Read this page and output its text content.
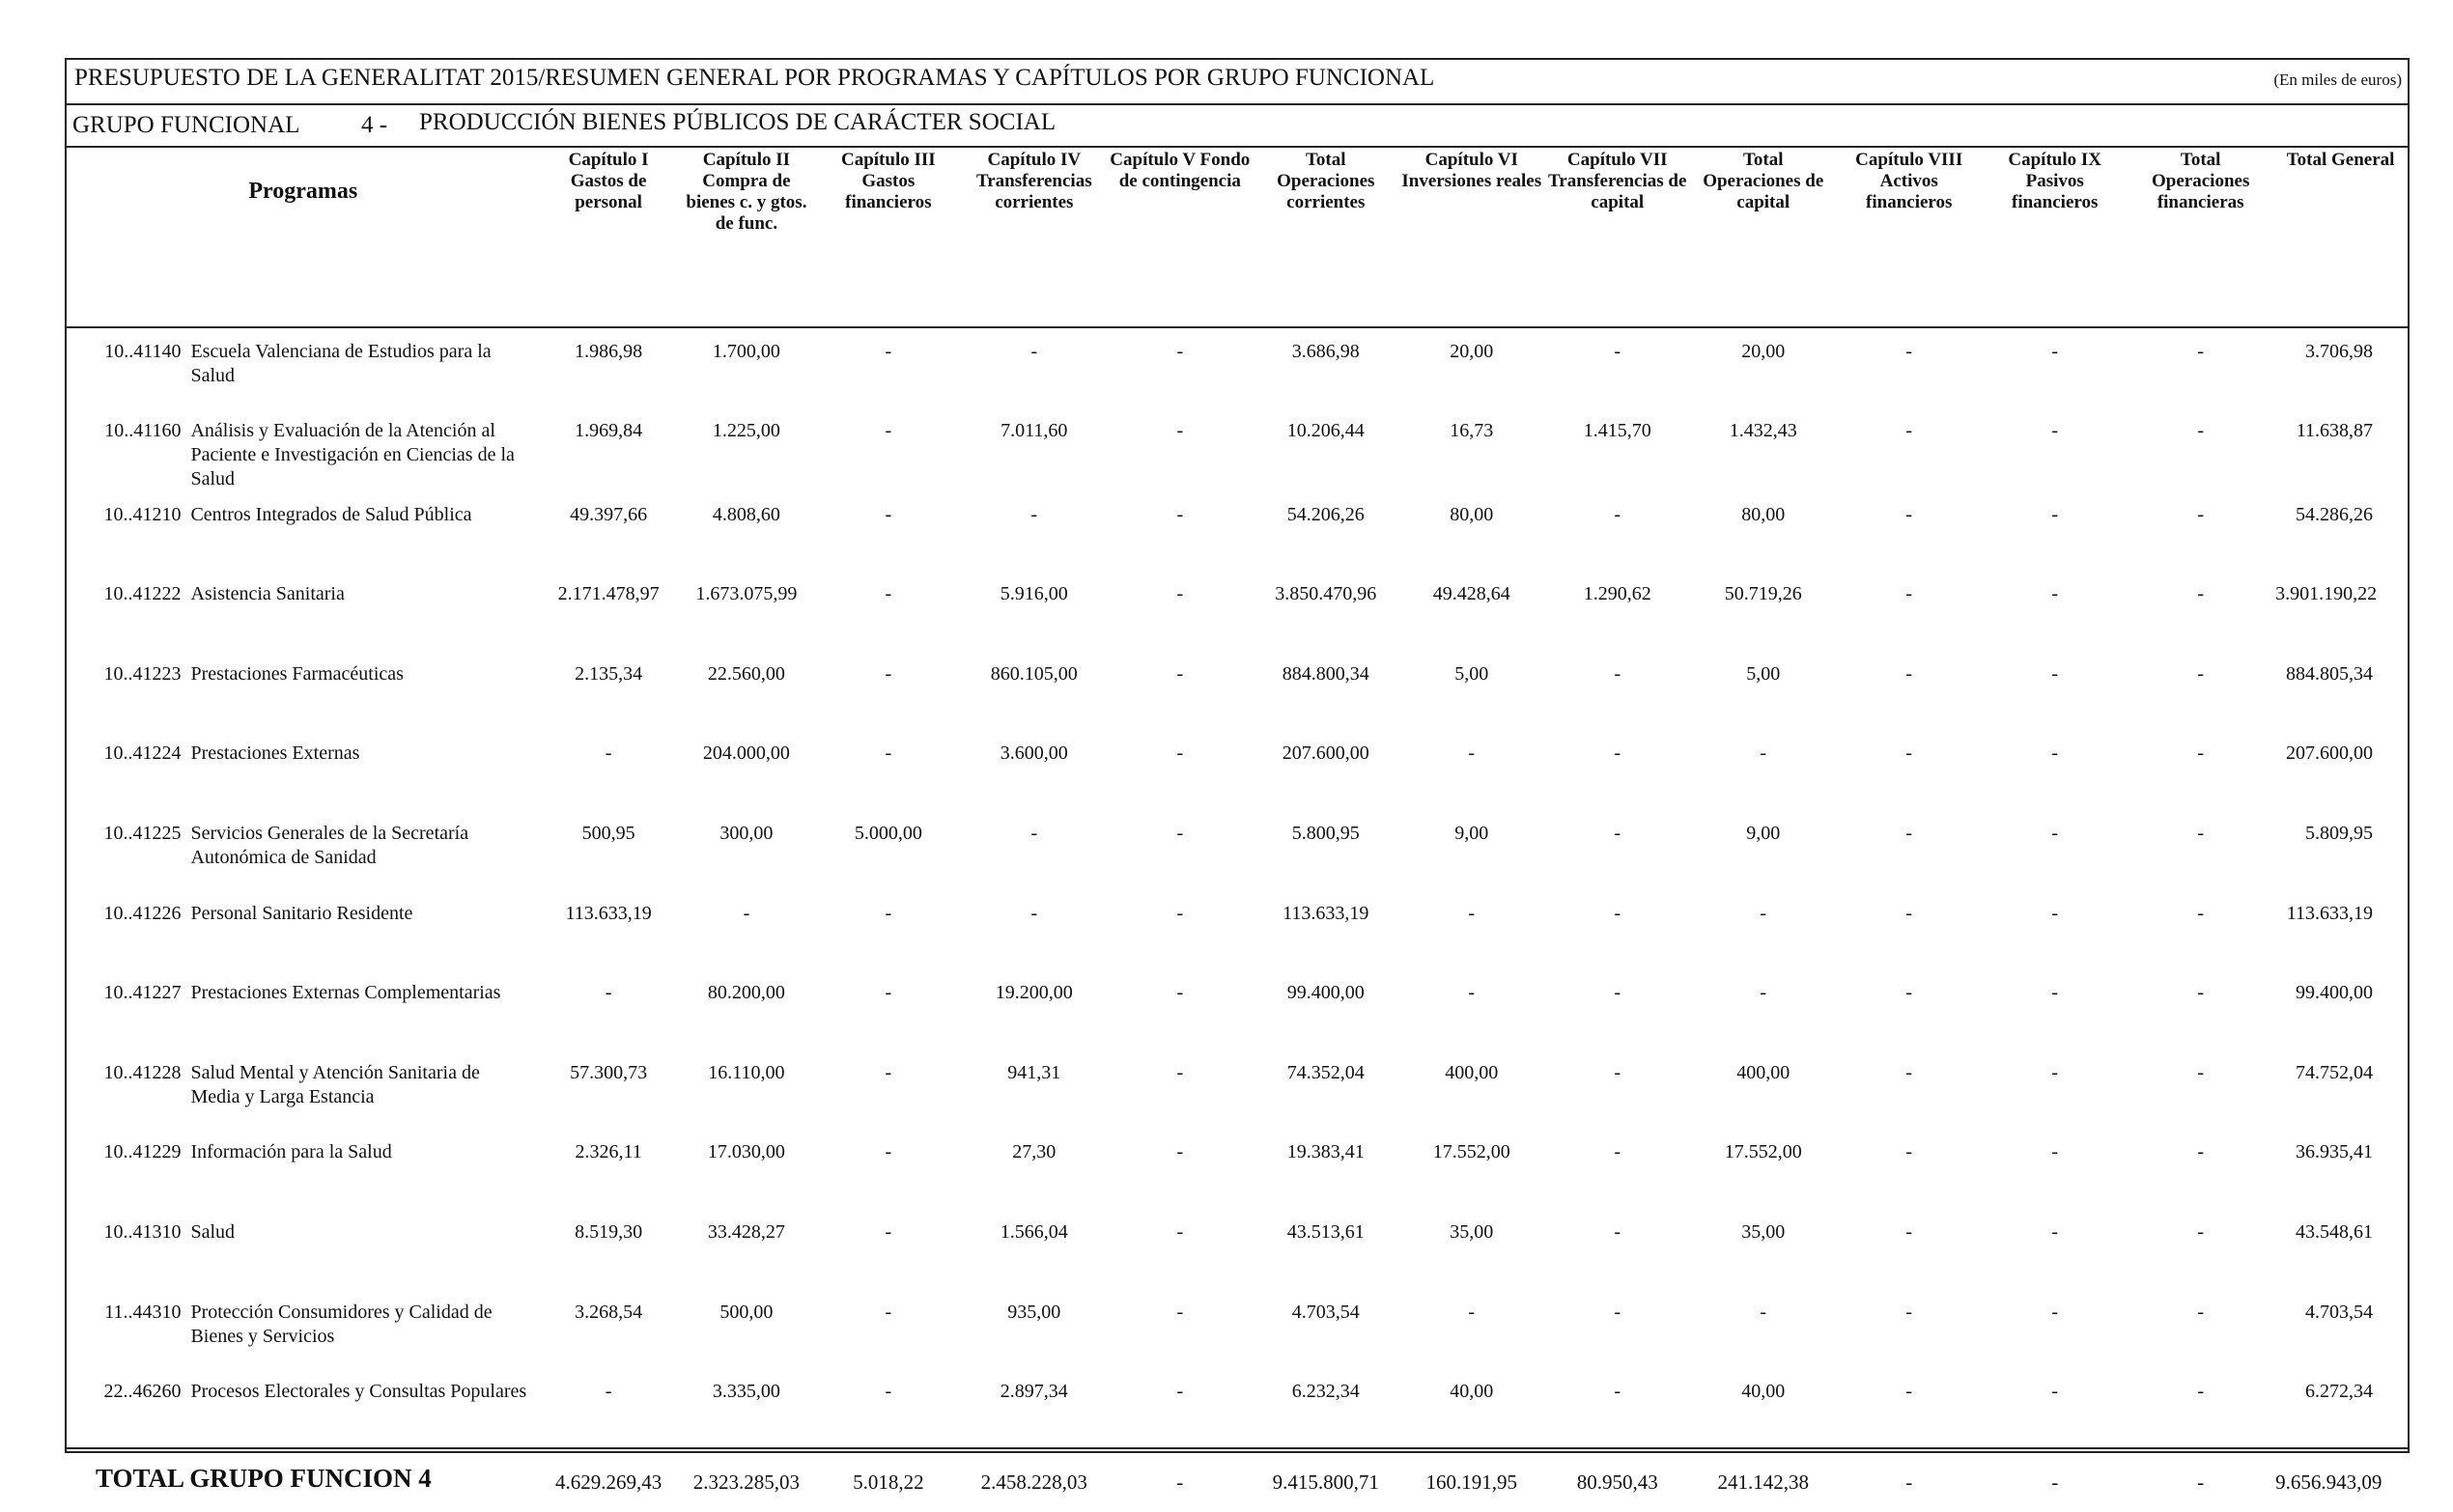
PRESUPUESTO DE LA GENERALITAT 2015/RESUMEN GENERAL POR PROGRAMAS Y CAPÍTULOS POR GRUPO FUNCIONAL	(En miles de euros)
GRUPO FUNCIONAL	4 - PRODUCCIÓN BIENES PÚBLICOS DE CARÁCTER SOCIAL
Programas		Capítulo I Gastos de personal	Capítulo II Compra de bienes c. y gtos. de func.	Capítulo III Gastos financieros	Capítulo IV Transferencias corrientes	Capítulo V Fondo de contingencia	Total Operaciones corrientes	Capítulo VI Inversiones reales	Capítulo VII Transferencias de capital	Total Operaciones de capital	Capítulo VIII Activos financieros	Capítulo IX Pasivos financieros	Total Operaciones financieras	Total General
10..41140	Escuela Valenciana de Estudios para la Salud	1.986,98	1.700,00	-	-	-	3.686,98	20,00	-	20,00	-	-	-	3.706,98
10..41160	Análisis y Evaluación de la Atención al Paciente e Investigación en Ciencias de la Salud	1.969,84	1.225,00	-	7.011,60	-	10.206,44	16,73	1.415,70	1.432,43	-	-	-	11.638,87
10..41210	Centros Integrados de Salud Pública	49.397,66	4.808,60	-	-	-	54.206,26	80,00	-	80,00	-	-	-	54.286,26
10..41222	Asistencia Sanitaria	2.171.478,97	1.673.075,99	-	5.916,00	-	3.850.470,96	49.428,64	1.290,62	50.719,26	-	-	-	3.901.190,22
10..41223	Prestaciones Farmacéuticas	2.135,34	22.560,00	-	860.105,00	-	884.800,34	5,00	-	5,00	-	-	-	884.805,34
10..41224	Prestaciones Externas	-	204.000,00	-	3.600,00	-	207.600,00	-	-	-	-	-	-	207.600,00
10..41225	Servicios Generales de la Secretaría Autonómica de Sanidad	500,95	300,00	5.000,00	-	-	5.800,95	9,00	-	9,00	-	-	-	5.809,95
10..41226	Personal Sanitario Residente	113.633,19	-	-	-	-	113.633,19	-	-	-	-	-	-	113.633,19
10..41227	Prestaciones Externas Complementarias	-	80.200,00	-	19.200,00	-	99.400,00	-	-	-	-	-	-	99.400,00
10..41228	Salud Mental y Atención Sanitaria de Media y Larga Estancia	57.300,73	16.110,00	-	941,31	-	74.352,04	400,00	-	400,00	-	-	-	74.752,04
10..41229	Información para la Salud	2.326,11	17.030,00	-	27,30	-	19.383,41	17.552,00	-	17.552,00	-	-	-	36.935,41
10..41310	Salud	8.519,30	33.428,27	-	1.566,04	-	43.513,61	35,00	-	35,00	-	-	-	43.548,61
11..44310	Protección Consumidores y Calidad de Bienes y Servicios	3.268,54	500,00	-	935,00	-	4.703,54	-	-	-	-	-	-	4.703,54
22..46260	Procesos Electorales y Consultas Populares	-	3.335,00	-	2.897,34	-	6.232,34	40,00	-	40,00	-	-	-	6.272,34
TOTAL GRUPO FUNCION 4		4.629.269,43	2.323.285,03	5.018,22	2.458.228,03	-	9.415.800,71	160.191,95	80.950,43	241.142,38	-	-	-	9.656.943,09
